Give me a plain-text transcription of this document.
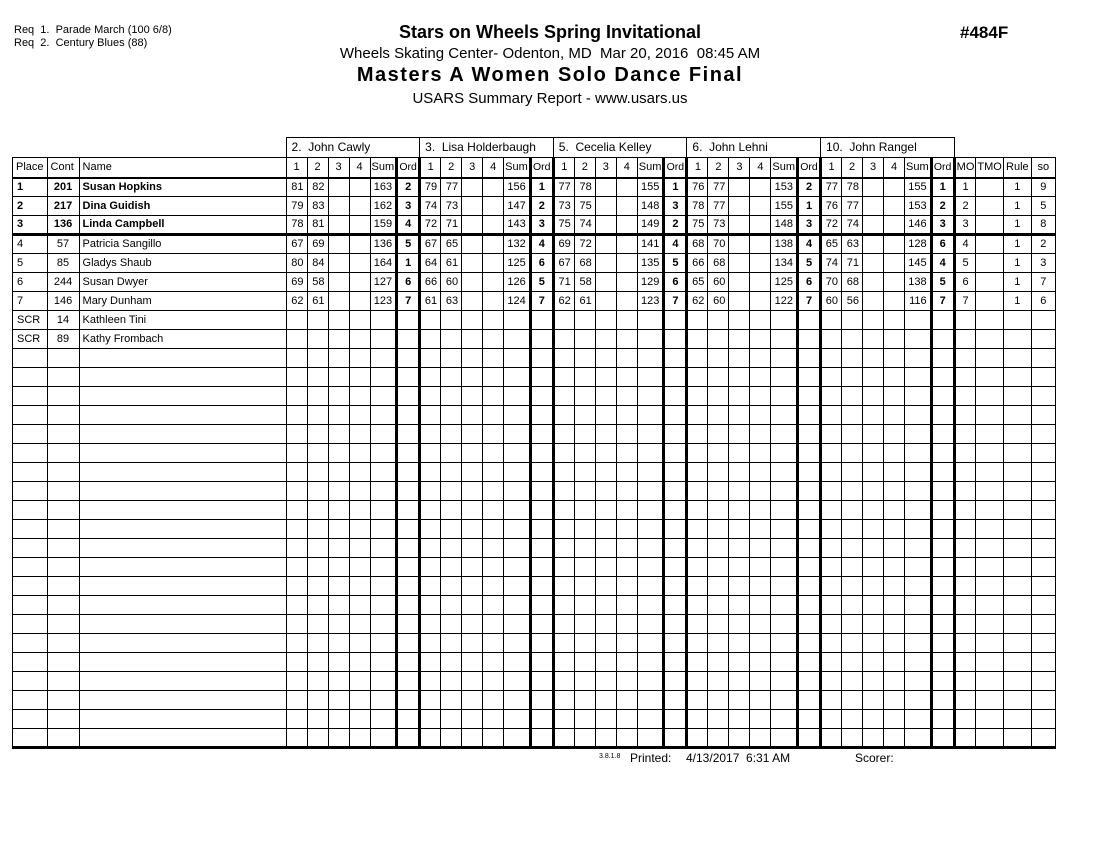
Req  1.  Parade March (100 6/8)
Req  2.  Century Blues (88)
Stars on Wheels Spring Invitational
Wheels Skating Center- Odenton, MD  Mar 20, 2016  08:45 AM
Masters A Women Solo Dance Final
USARS Summary Report - www.usars.us
#484F
			2.  John Cawly						3.  Lisa Holderbaugh						5.  Cecelia Kelley						6.  John Lehni						10.  John Rangel									
Place	Cont	Name	1	2	3	4	Sum	Ord	1	2	3	4	Sum	Ord	1	2	3	4	Sum	Ord	1	2	3	4	Sum	Ord	1	2	3	4	Sum	Ord	MO	TMO	Rule	so
1	201	Susan Hopkins	81	82			163	2	79	77			156	1	77	78			155	1	76	77			153	2	77	78			155	1	1		1	9
2	217	Dina Guidish	79	83			162	3	74	73			147	2	73	75			148	3	78	77			155	1	76	77			153	2	2		1	5
3	136	Linda Campbell	78	81			159	4	72	71			143	3	75	74			149	2	75	73			148	3	72	74			146	3	3		1	8
4	57	Patricia Sangillo	67	69			136	5	67	65			132	4	69	72			141	4	68	70			138	4	65	63			128	6	4		1	2
5	85	Gladys Shaub	80	84			164	1	64	61			125	6	67	68			135	5	66	68			134	5	74	71			145	4	5		1	3
6	244	Susan Dwyer	69	58			127	6	66	60			126	5	71	58			129	6	65	60			125	6	70	68			138	5	6		1	7
7	146	Mary Dunham	62	61			123	7	61	63			124	7	62	61			123	7	62	60			122	7	60	56			116	7	7		1	6
SCR	14	Kathleen Tini																																		
SCR	89	Kathy Frombach																																		

3.8.1.8 Printed: 4/13/2017  6:31 AM	Scorer:
